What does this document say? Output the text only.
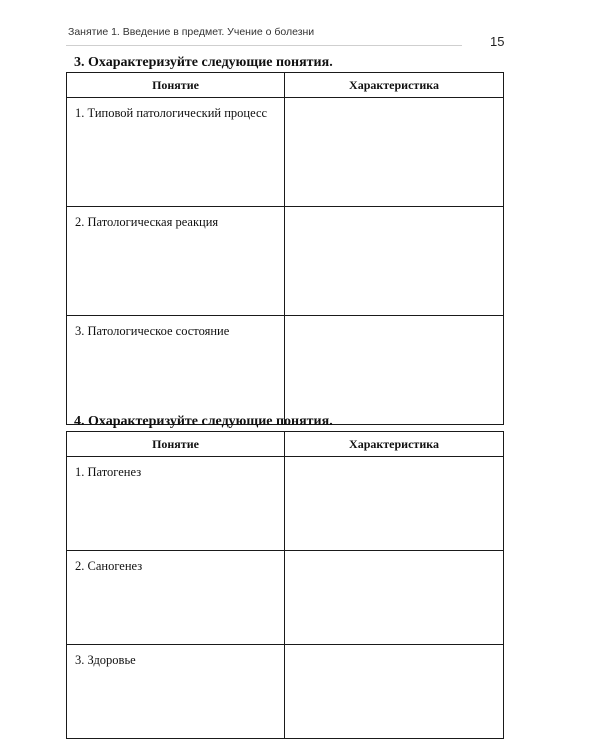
Занятие 1. Введение в предмет. Учение о болезни
15
3. Охарактеризуйте следующие понятия.
Понятие	Характеристика
1. Типовой патологический процесс	
2. Патологическая реакция	
3. Патологическое состояние	
4. Охарактеризуйте следующие понятия.
Понятие	Характеристика
1. Патогенез	
2. Саногенез	
3. Здоровье	
